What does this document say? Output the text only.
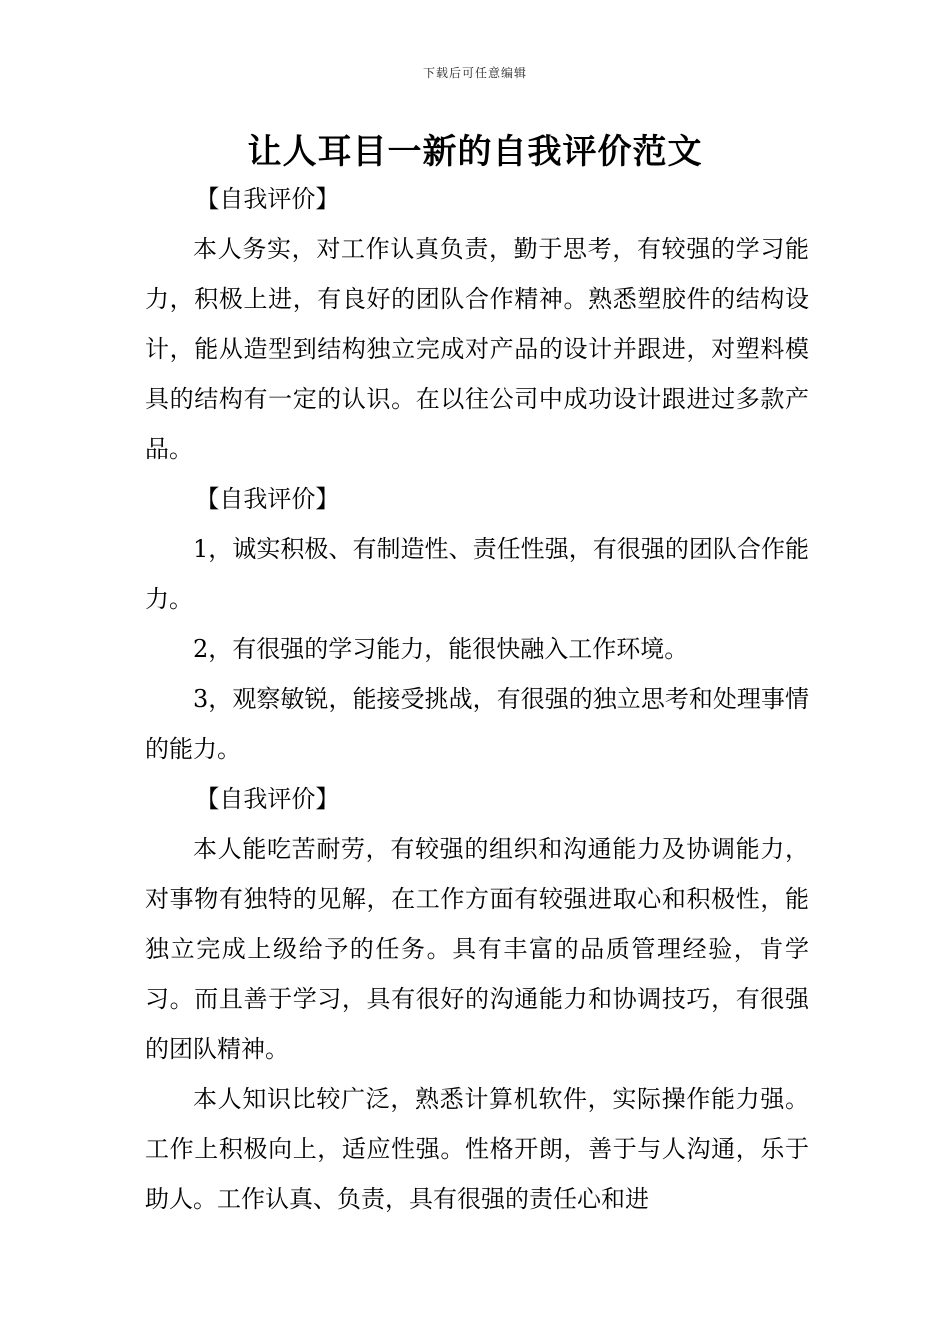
下载后可任意编辑
让人耳目一新的自我评价范文

【自我评价】

本人务实，对工作认真负责，勤于思考，有较强的学习能力，积极上进，有良好的团队合作精神。熟悉塑胶件的结构设计，能从造型到结构独立完成对产品的设计并跟进，对塑料模具的结构有一定的认识。在以往公司中成功设计跟进过多款产品。

【自我评价】

1，诚实积极、有制造性、责任性强，有很强的团队合作能力。

2，有很强的学习能力，能很快融入工作环境。

3，观察敏锐，能接受挑战，有很强的独立思考和处理事情的能力。

【自我评价】

本人能吃苦耐劳，有较强的组织和沟通能力及协调能力，对事物有独特的见解，在工作方面有较强进取心和积极性，能独立完成上级给予的任务。具有丰富的品质管理经验，肯学习。而且善于学习，具有很好的沟通能力和协调技巧，有很强的团队精神。

本人知识比较广泛，熟悉计算机软件，实际操作能力强。工作上积极向上，适应性强。性格开朗，善于与人沟通，乐于助人。工作认真、负责，具有很强的责任心和进
